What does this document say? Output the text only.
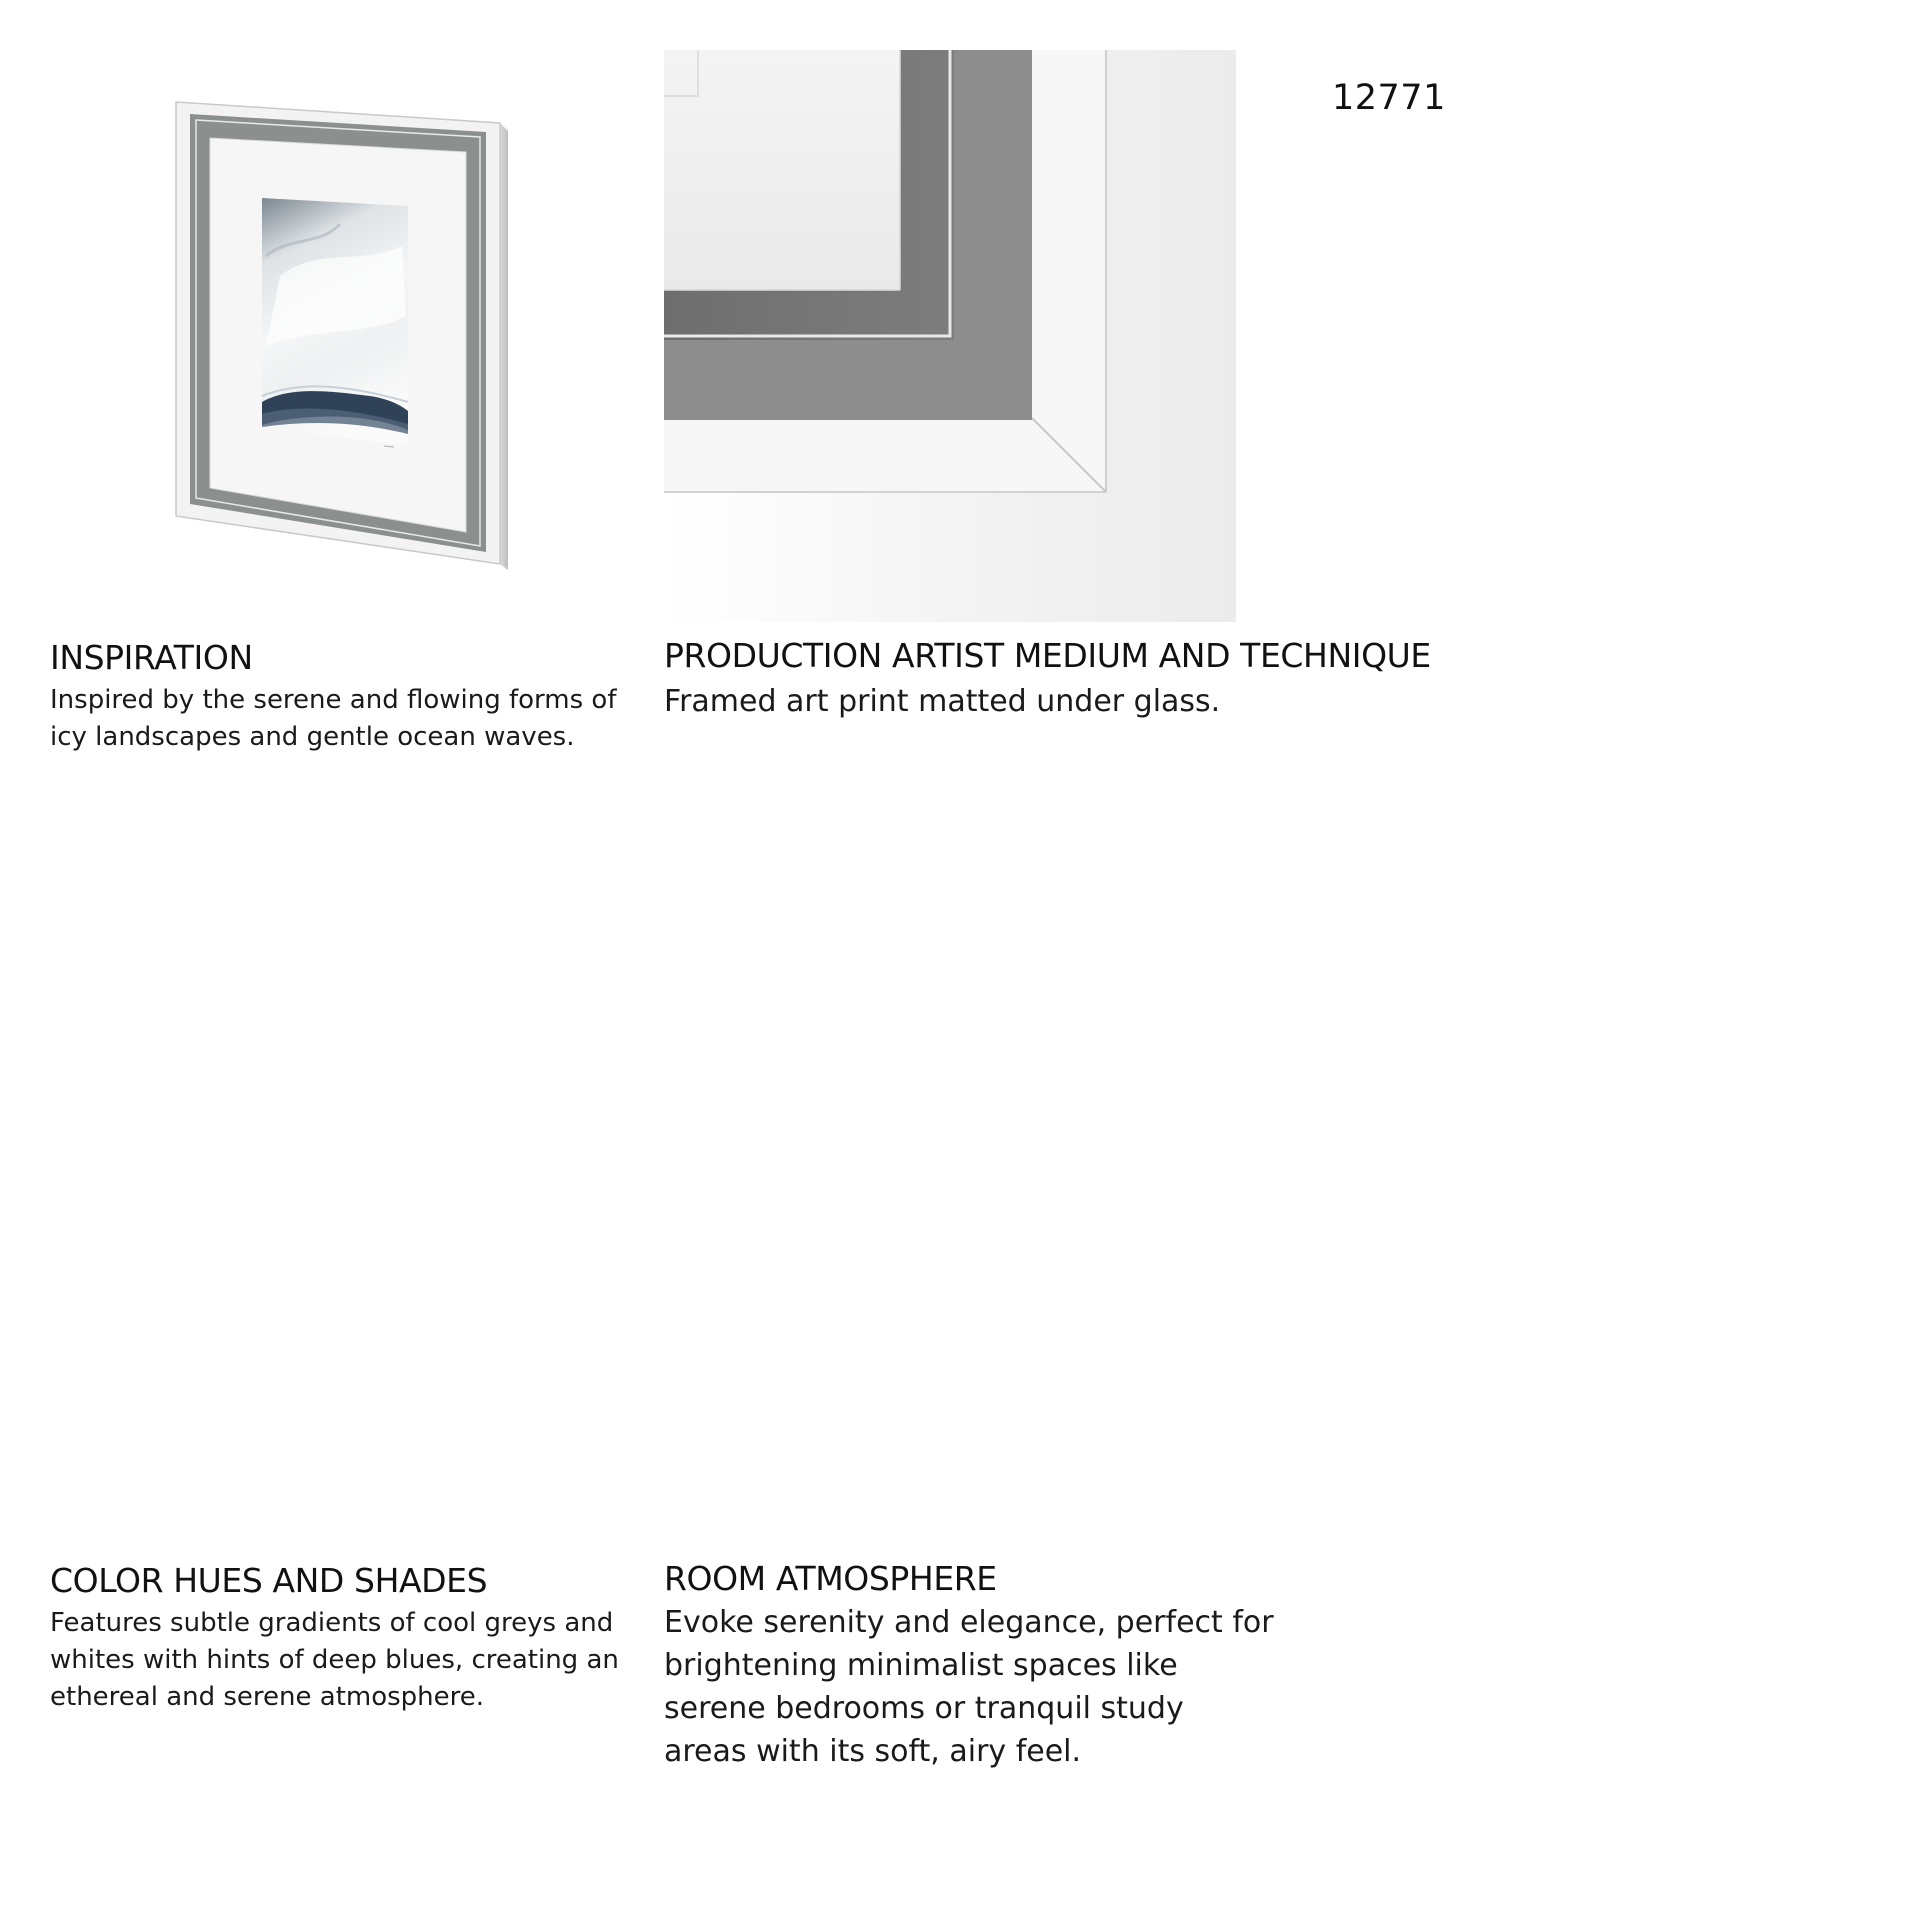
12771
INSPIRATION
Inspired by the serene and flowing forms of icy landscapes and gentle ocean waves.
PRODUCTION ARTIST MEDIUM AND TECHNIQUE
Framed art print matted under glass.
COLOR HUES AND SHADES
Features subtle gradients of cool greys and whites with hints of deep blues, creating an ethereal and serene atmosphere.
ROOM ATMOSPHERE
Evoke serenity and elegance, perfect for brightening minimalist spaces like serene bedrooms or tranquil study areas with its soft, airy feel.
